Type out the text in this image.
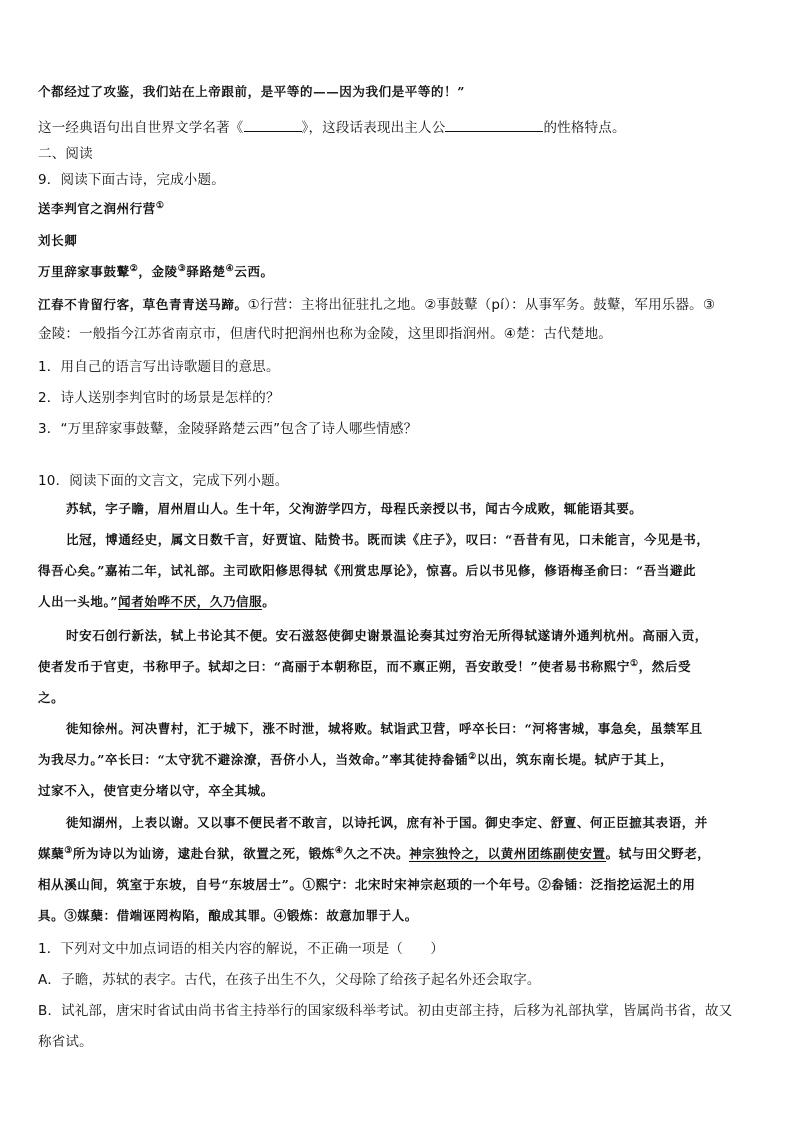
个都经过了攻鉴，我们站在上帝跟前，是平等的——因为我们是平等的！”
这一经典语句出自世界文学名著《	》，这段话表现出主人公	的性格特点。
二、阅读
9．阅读下面古诗，完成小题。
送李判官之润州行营①
刘长卿
万里辞家事鼓鼙②，金陵③驿路楚④云西。
江春不肯留行客，草色青青送马蹄。①行营：主将出征驻扎之地。②事鼓鼙（pí）：从事军务。鼓鼙，军用乐器。③
金陵：一般指今江苏省南京市，但唐代时把润州也称为金陵，这里即指润州。④楚：古代楚地。
1．用自己的语言写出诗歌题目的意思。
2．诗人送别李判官时的场景是怎样的？
3．“万里辞家事鼓鼙，金陵驿路楚云西”包含了诗人哪些情感？
10．阅读下面的文言文，完成下列小题。
苏轼，字子瞻，眉州眉山人。生十年，父洵游学四方，母程氏亲授以书，闻古今成败，辄能语其要。
比冠，博通经史，属文日数千言，好贾谊、陆贽书。既而读《庄子》，叹曰：“吾昔有见，口未能言，今见是书，
得吾心矣。”嘉祐二年，试礼部。主司欧阳修思得轼《刑赏忠厚论》，惊喜。后以书见修，修语梅圣俞曰：“吾当避此
人出一头地。”闻者始哗不厌，久乃信服。
时安石创行新法，轼上书论其不便。安石滋怒使御史谢景温论奏其过穷治无所得轼遂请外通判杭州。高丽入贡，
使者发币于官吏，书称甲子。轼却之曰：“高丽于本朝称臣，而不禀正朔，吾安敢受！”使者易书称熙宁①，然后受
之。
徙知徐州。河决曹村，汇于城下，涨不时泄，城将败。轼诣武卫营，呼卒长曰：“河将害城，事急矣，虽禁军且
为我尽力。”卒长曰：“太守犹不避涂潦，吾侪小人，当效命。”率其徒持畚锸②以出，筑东南长堤。轼庐于其上，
过家不入，使官吏分堵以守，卒全其城。
徙知湖州，上表以谢。又以事不便民者不敢言，以诗托讽，庶有补于国。御史李定、舒亶、何正臣摭其表语，并
媒蘖③所为诗以为讪谤，逮赴台狱，欲置之死，锻炼④久之不决。神宗独怜之，以黄州团练副使安置。轼与田父野老，
相从溪山间，筑室于东坡，自号“东坡居士”。①熙宁：北宋时宋神宗赵顼的一个年号。②畚锸：泛指挖运泥土的用
具。③媒蘖：借端诬罔构陷，酿成其罪。④锻炼：故意加罪于人。
1．下列对文中加点词语的相关内容的解说，不正确一项是（　　）
A．子瞻，苏轼的表字。古代，在孩子出生不久，父母除了给孩子起名外还会取字。
B．试礼部，唐宋时省试由尚书省主持举行的国家级科举考试。初由吏部主持，后移为礼部执掌，皆属尚书省，故又
称省试。
